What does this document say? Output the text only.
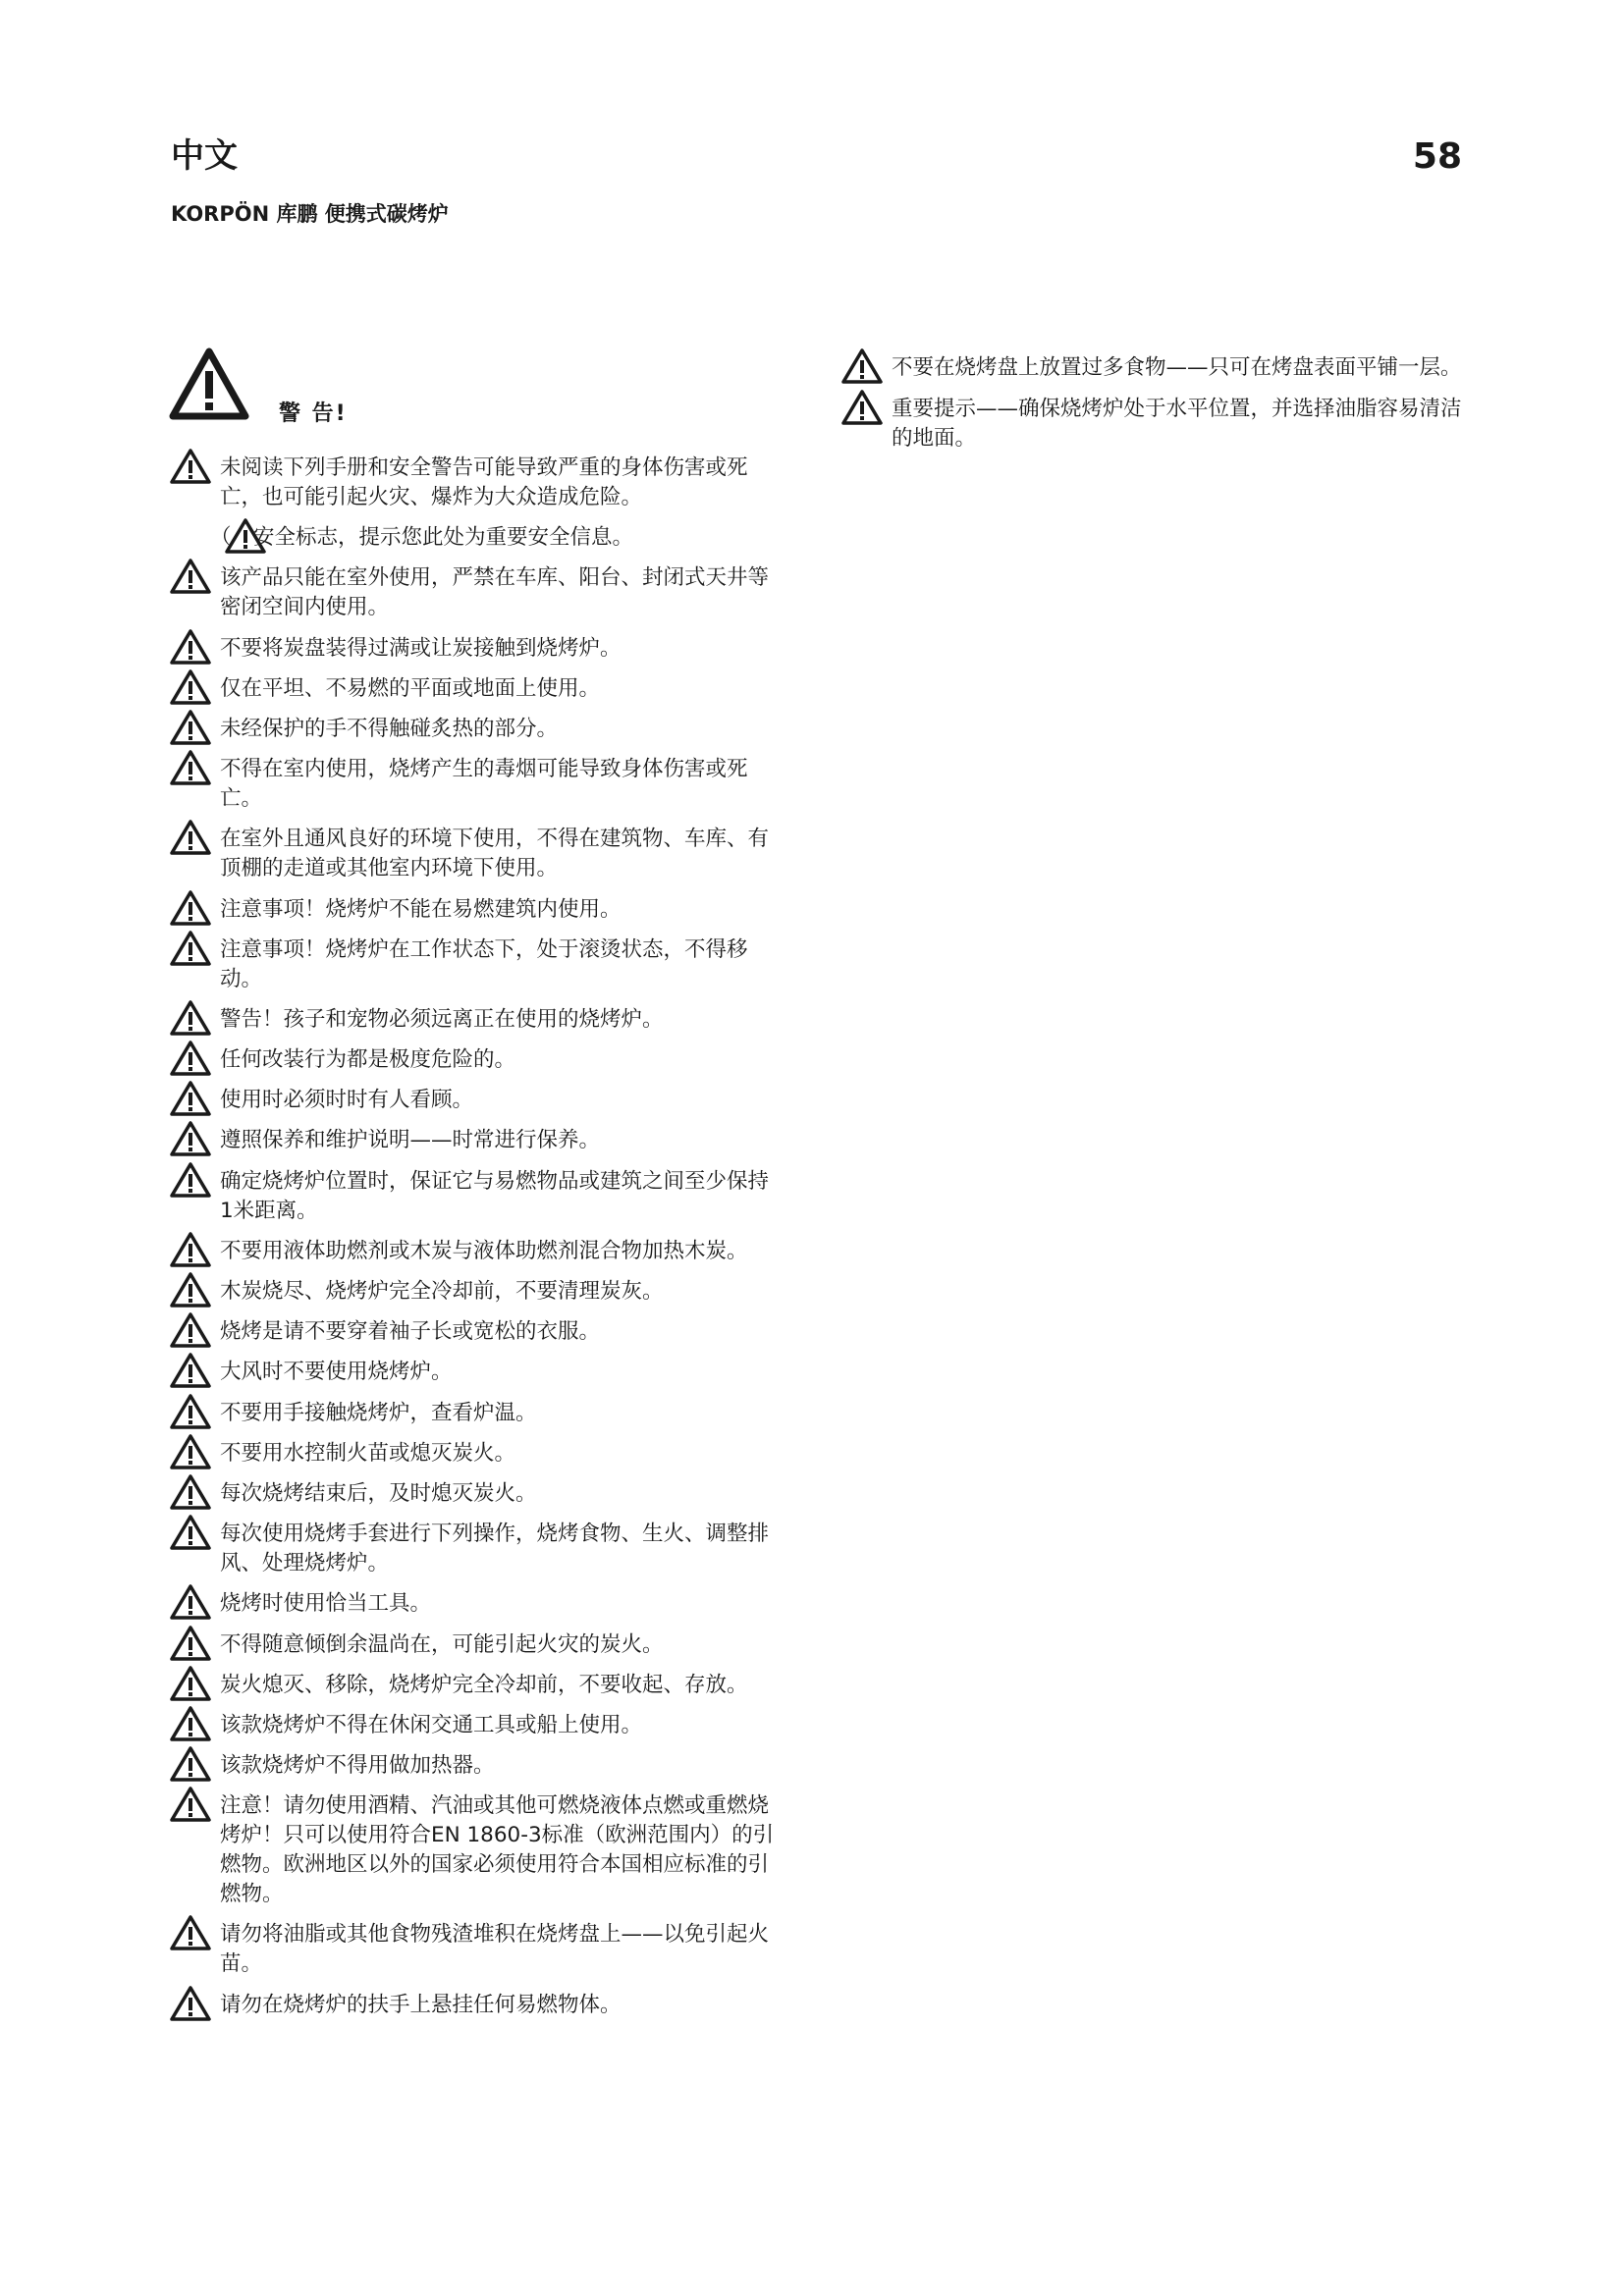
中文	58
KORPÖN 库鹏 便携式碳烤炉
警 告!
未阅读下列手册和安全警告可能导致严重的身体伤害或死亡，也可能引起火灾、爆炸为大众造成危险。
（ 安全标志，提示您此处为重要安全信息。
该产品只能在室外使用，严禁在车库、阳台、封闭式天井等密闭空间内使用。
不要将炭盘装得过满或让炭接触到烧烤炉。
仅在平坦、不易燃的平面或地面上使用。
未经保护的手不得触碰炙热的部分。
不得在室内使用，烧烤产生的毒烟可能导致身体伤害或死亡。
在室外且通风良好的环境下使用，不得在建筑物、车库、有顶棚的走道或其他室内环境下使用。
注意事项！烧烤炉不能在易燃建筑内使用。
注意事项！烧烤炉在工作状态下，处于滚烫状态，不得移动。
警告！孩子和宠物必须远离正在使用的烧烤炉。
任何改装行为都是极度危险的。
使用时必须时时有人看顾。
遵照保养和维护说明——时常进行保养。
确定烧烤炉位置时，保证它与易燃物品或建筑之间至少保持1米距离。
不要用液体助燃剂或木炭与液体助燃剂混合物加热木炭。
木炭烧尽、烧烤炉完全冷却前，不要清理炭灰。
烧烤是请不要穿着袖子长或宽松的衣服。
大风时不要使用烧烤炉。
不要用手接触烧烤炉，查看炉温。
不要用水控制火苗或熄灭炭火。
每次烧烤结束后，及时熄灭炭火。
每次使用烧烤手套进行下列操作，烧烤食物、生火、调整排风、处理烧烤炉。
烧烤时使用恰当工具。
不得随意倾倒余温尚在，可能引起火灾的炭火。
炭火熄灭、移除，烧烤炉完全冷却前，不要收起、存放。
该款烧烤炉不得在休闲交通工具或船上使用。
该款烧烤炉不得用做加热器。
注意！请勿使用酒精、汽油或其他可燃烧液体点燃或重燃烧烤炉！只可以使用符合EN 1860-3标准（欧洲范围内）的引燃物。欧洲地区以外的国家必须使用符合本国相应标准的引燃物。
请勿将油脂或其他食物残渣堆积在烧烤盘上——以免引起火苗。
请勿在烧烤炉的扶手上悬挂任何易燃物体。
不要在烧烤盘上放置过多食物——只可在烤盘表面平铺一层。
重要提示——确保烧烤炉处于水平位置，并选择油脂容易清洁的地面。
